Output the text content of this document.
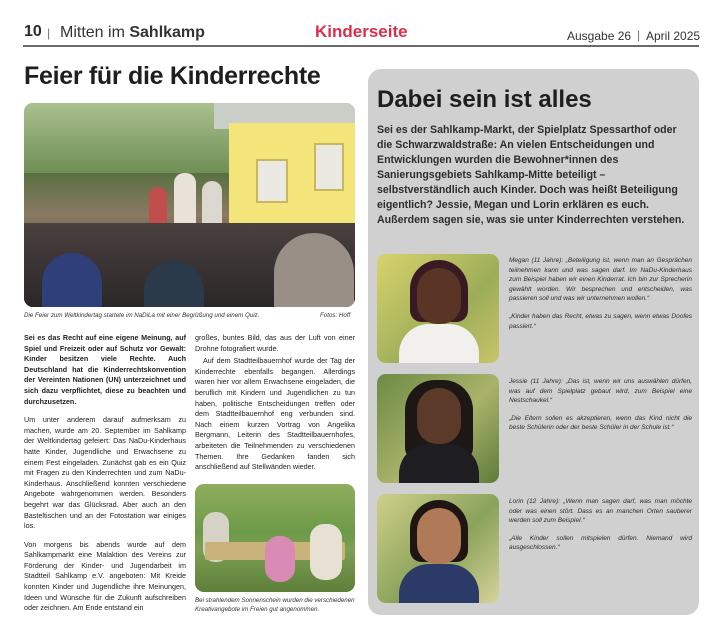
10 | Mitten im Sahlkamp	Kinderseite	Ausgabe 26 | April 2025
Feier für die Kinderrechte
Die Feier zum Weltkindertag startete im NaDiLa mit einer Begrüßung und einem Quiz.	Fotos: Hoff

Sei es das Recht auf eine eigene Meinung, auf Spiel und Freizeit oder auf Schutz vor Gewalt: Kinder besitzen viele Rechte. Auch Deutschland hat die Kinderrechtskonvention der Vereinten Nationen (UN) unterzeichnet und sich dazu verpflichtet, diese zu beachten und durchzusetzen.

Um unter anderem darauf aufmerksam zu machen, wurde am 20. September im Sahlkamp der Weltkindertag gefeiert: Das NaDu-Kinderhaus hatte Kinder, Jugendliche und Erwachsene zu einem Fest eingeladen. Zunächst gab es ein Quiz mit Fragen zu den Kinderrechten und zum NaDu-Kinderhaus. Anschließend konnten verschiedene Angebote wahrgenommen werden. Besonders begehrt war das Glücksrad. Aber auch an den Basteltischen und an der Fotostation war einiges los.

Von morgens bis abends wurde auf dem Sahlkampmarkt eine Malaktion des Vereins zur Förderung der Kinder- und Jugendarbeit im Stadtteil Sahlkamp e.V. angeboten: Mit Kreide konnten Kinder und Jugendliche ihre Meinungen, Ideen und Wünsche für die Zukunft aufschreiben oder zeichnen. Am Ende entstand ein

großes, buntes Bild, das aus der Luft von einer Drohne fotografiert wurde.

Auf dem Stadtteilbauernhof wurde der Tag der Kinderrechte ebenfalls begangen. Allerdings waren hier vor allem Erwachsene eingeladen, die beruflich mit Kindern und Jugendlichen zu tun haben, politische Entscheidungen treffen oder dem Stadtteilbauernhof eng verbunden sind. Nach einem kurzen Vortrag von Angelika Bergmann, Leiterin des Stadtteilbauernhofes, arbeiteten die Teilnehmenden zu verschiedenen Themen. Ihre Gedanken fanden sich anschließend auf Stellwänden wieder.

Bei strahlendem Sonnenschein wurden die verschiedenen Kreativangebote im Freien gut angenommen.
Dabei sein ist alles
Sei es der Sahlkamp-Markt, der Spielplatz Spessarthof oder die Schwarzwaldstraße: An vielen Entscheidungen und Entwicklungen wurden die Bewohner*innen des Sanierungsgebiets Sahlkamp-Mitte beteiligt – selbstverständlich auch Kinder. Doch was heißt Beteiligung eigentlich? Jessie, Megan und Lorin erklären es euch. Außerdem sagen sie, was sie unter Kinderrechten verstehen.

Megan (11 Jahre): „Beteiligung ist, wenn man an Gesprächen teilnehmen kann und was sagen darf. Im NaDu-Kinderhaus zum Beispiel haben wir einen Kinderrat. Ich bin zur Sprecherin gewählt worden. Wir besprechen und entscheiden, was passieren soll und was wir unternehmen wollen.“

„Kinder haben das Recht, etwas zu sagen, wenn etwas Doofes passiert.“

Jessie (11 Jahre): „Das ist, wenn wir uns auswählen dürfen, was auf dem Spielplatz gebaut wird, zum Beispiel eine Nestschaukel.“

„Die Eltern sollen es akzeptieren, wenn das Kind nicht die beste Schülerin oder der beste Schüler in der Schule ist.“

Lorin (12 Jahre): „Wenn man sagen darf, was man möchte oder was einen stört. Dass es an manchen Orten sauberer werden soll zum Beispiel.“

„Alle Kinder sollen mitspielen dürfen. Niemand wird ausgeschlossen.“
